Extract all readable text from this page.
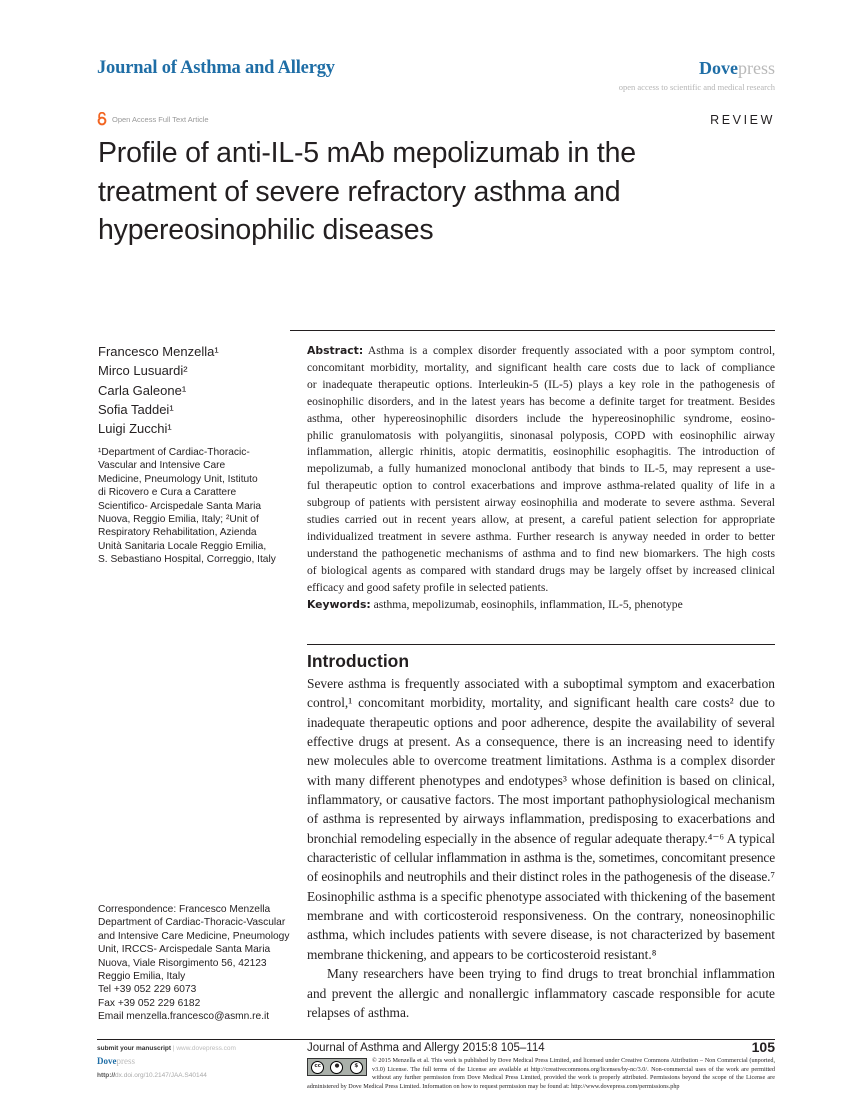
Journal of Asthma and Allergy	Dovepress
open access to scientific and medical research
Open Access Full Text Article	REVIEW
Profile of anti-IL-5 mAb mepolizumab in the
treatment of severe refractory asthma and
hypereosinophilic diseases
Francesco Menzella¹
Mirco Lusuardi²
Carla Galeone¹
Sofia Taddei¹
Luigi Zucchi¹
¹Department of Cardiac-Thoracic-
Vascular and Intensive Care
Medicine, Pneumology Unit, Istituto
di Ricovero e Cura a Carattere
Scientifico- Arcispedale Santa Maria
Nuova, Reggio Emilia, Italy; ²Unit of
Respiratory Rehabilitation, Azienda
Unità Sanitaria Locale Reggio Emilia,
S. Sebastiano Hospital, Correggio, Italy
Correspondence: Francesco Menzella
Department of Cardiac-Thoracic-Vascular
and Intensive Care Medicine, Pneumology
Unit, IRCCS- Arcispedale Santa Maria
Nuova, Viale Risorgimento 56, 42123
Reggio Emilia, Italy
Tel +39 052 229 6073
Fax +39 052 229 6182
Email menzella.francesco@asmn.re.it
Abstract: Asthma is a complex disorder frequently associated with a poor symptom control,
concomitant morbidity, mortality, and significant health care costs due to lack of compliance
or inadequate therapeutic options. Interleukin-5 (IL-5) plays a key role in the pathogenesis of
eosinophilic disorders, and in the latest years has become a definite target for treatment. Besides
asthma, other hypereosinophilic disorders include the hypereosinophilic syndrome, eosino-
philic granulomatosis with polyangiitis, sinonasal polyposis, COPD with eosinophilic airway
inflammation, allergic rhinitis, atopic dermatitis, eosinophilic esophagitis. The introduction of
mepolizumab, a fully humanized monoclonal antibody that binds to IL-5, may represent a use-
ful therapeutic option to control exacerbations and improve asthma-related quality of life in a
subgroup of patients with persistent airway eosinophilia and moderate to severe asthma. Several
studies carried out in recent years allow, at present, a careful patient selection for appropriate
individualized treatment in severe asthma. Further research is anyway needed in order to better
understand the pathogenetic mechanisms of asthma and to find new biomarkers. The high costs
of biological agents as compared with standard drugs may be largely offset by increased clinical
efficacy and good safety profile in selected patients.
Keywords: asthma, mepolizumab, eosinophils, inflammation, IL-5, phenotype
Introduction
Severe asthma is frequently associated with a suboptimal symptom and exacerbation
control,¹ concomitant morbidity, mortality, and significant health care costs² due to
inadequate therapeutic options and poor adherence, despite the availability of several
effective drugs at present. As a consequence, there is an increasing need to identify
new molecules able to overcome treatment limitations. Asthma is a complex disorder
with many different phenotypes and endotypes³ whose definition is based on clinical,
inflammatory, or causative factors. The most important pathophysiological mechanism
of asthma is represented by airways inflammation, predisposing to exacerbations and
bronchial remodeling especially in the absence of regular adequate therapy.⁴⁻⁶ A typical
characteristic of cellular inflammation in asthma is the, sometimes, concomitant presence
of eosinophils and neutrophils and their distinct roles in the pathogenesis of the disease.⁷
Eosinophilic asthma is a specific phenotype associated with thickening of the basement
membrane and with corticosteroid responsiveness. On the contrary, noneosinophilic
asthma, which includes patients with severe disease, is not characterized by basement
membrane thickening, and appears to be corticosteroid resistant.⁸
Many researchers have been trying to find drugs to treat bronchial inflammation
and prevent the allergic and nonallergic inflammatory cascade responsible for acute
relapses of asthma.
submit your manuscript | www.dovepress.com
Dovepress
http://dx.doi.org/10.2147/JAA.S40144
Journal of Asthma and Allergy 2015:8 105–114	105
cc	●	$
© 2015 Menzella et al. This work is published by Dove Medical Press Limited, and licensed under Creative Commons Attribution – Non Commercial (unported, v3.0) License. The full terms of the License are available at http://creativecommons.org/licenses/by-nc/3.0/. Non-commercial uses of the work are permitted without any further permission from Dove Medical Press Limited, provided the work is properly attributed. Permissions beyond the scope of the License are administered by Dove Medical Press Limited. Information on how to request permission may be found at: http://www.dovepress.com/permissions.php
